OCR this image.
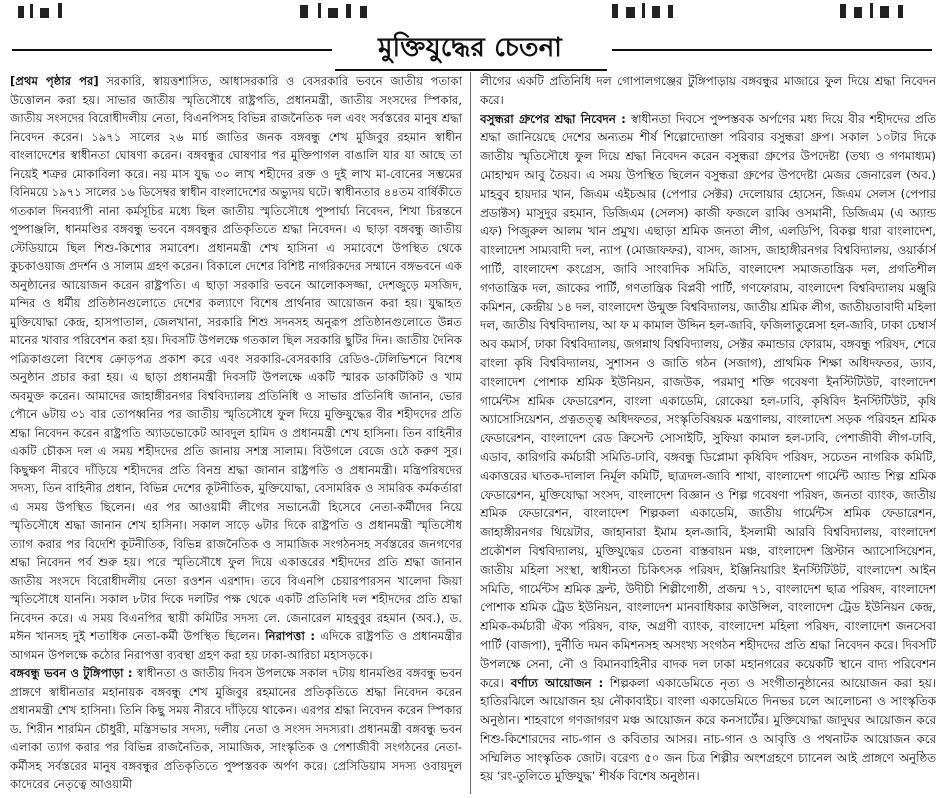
মুক্তিযুদ্ধের চেতনা

[প্রথম পৃষ্ঠার পর] সরকারি, স্বায়ত্তশাসিত, আধাসরকারি ও বেসরকারি ভবনে জাতীয় পতাকা উত্তোলন করা হয়। সাভার জাতীয় স্মৃতিসৌধে রাষ্ট্রপতি, প্রধানমন্ত্রী, জাতীয় সংসদের স্পিকার, জাতীয় সংসদের বিরোধীদলীয় নেতা, বিএনপিসহ বিভিন্ন রাজনৈতিক দল এবং সর্বস্তরের মানুষ শ্রদ্ধা নিবেদন করেন। ১৯৭১ সালের ২৬ মার্চ জাতির জনক বঙ্গবন্ধু শেখ মুজিবুর রহমান স্বাধীন বাংলাদেশের স্বাধীনতা ঘোষণা করেন। বঙ্গবন্ধুর ঘোষণার পর মুক্তিপাগল বাঙালি যার যা আছে তা নিয়েই শত্রুর মোকাবিলা করে। নয় মাস যুদ্ধ ৩০ লাখ শহীদের রক্ত ও দুই লাখ মা-বোনের সম্ভমের বিনিময়ে ১৯৭১ সালের ১৬ ডিসেম্বর স্বাধীন বাংলাদেশের অভ্যুদয় ঘটে। স্বাধীনতার ৪৪তম বার্ষিকীতে গতকাল দিনব্যাপী নানা কর্মসূচির মধ্যে ছিল জাতীয় স্মৃতিসৌধে পুষ্পার্ঘ্য নিবেদন, শিখা চিরন্তনে পুষ্পাঞ্জলি, ধানমণ্ডির বঙ্গবন্ধু ভবনে বঙ্গবন্ধুর প্রতিকৃতিতে শ্রদ্ধা নিবেদন। এ ছাড়া বঙ্গবন্ধু জাতীয় স্টেডিয়ামে ছিল শিশু-কিশোর সমাবেশ। প্রধানমন্ত্রী শেখ হাসিনা এ সমাবেশে উপস্থিত থেকে কুচকাওয়াজ প্রদর্শন ও সালাম গ্রহণ করেন। বিকালে দেশের বিশিষ্ট নাগরিকদের সম্মানে বঙ্গভবনে এক অনুষ্ঠানের আয়োজন করেন রাষ্ট্রপতি। এ ছাড়া সরকারি ভবনে আলোকসজ্জা, দেশজুড়ে মসজিদ, মন্দির ও ধর্মীয় প্রতিষ্ঠানগুলোতে দেশের কল্যাণে বিশেষ প্রার্থনার আয়োজন করা হয়। যুদ্ধাহত মুক্তিযোদ্ধা কেন্দ্র, হাসপাতাল, জেলখানা, সরকারি শিশু সদনসহ অনুরূপ প্রতিষ্ঠানগুলোতে উন্নত মানের খাবার পরিবেশন করা হয়। দিবসটি উপলক্ষে গতকাল ছিল সরকারি ছুটির দিন। জাতীয় দৈনিক পত্রিকাগুলো বিশেষ ক্রোড়পত্র প্রকাশ করে এবং সরকারি-বেসরকারি রেডিও-টেলিভিশনে বিশেষ অনুষ্ঠান প্রচার করা হয়। এ ছাড়া প্রধানমন্ত্রী দিবসটি উপলক্ষে একটি স্মারক ডাকটিকিট ও খাম অবমুক্ত করেন। আমাদের জাহাঙ্গীরনগর বিশ্ববিদ্যালয় প্রতিনিধি ও সাভার প্রতিনিধি জানান, ভোর পৌনে ৬টায় ৩১ বার তোপধ্বনির পর জাতীয় স্মৃতিসৌধে ফুল দিয়ে মুক্তিযুদ্ধের বীর শহীদদের প্রতি শ্রদ্ধা নিবেদন করেন রাষ্ট্রপতি অ্যাডভোকেট আবদুল হামিদ ও প্রধানমন্ত্রী শেখ হাসিনা। তিন বাহিনীর একটি চৌকস দল এ সময় শহীদদের প্রতি জানায় সশস্ত্র সালাম। বিউগলে বেজে ওঠে করুণ সুর। কিছুক্ষণ নীরবে দাঁড়িয়ে শহীদদের প্রতি বিনম্র শ্রদ্ধা জানান রাষ্ট্রপতি ও প্রধানমন্ত্রী। মন্ত্রিপরিষদের সদস্য, তিন বাহিনীর প্রধান, বিভিন্ন দেশের কূটনীতিক, মুক্তিযোদ্ধা, বেসামরিক ও সামরিক কর্মকর্তারা এ সময় উপস্থিত ছিলেন। এর পর আওয়ামী লীগের সভানেত্রী হিসেবে নেতা-কর্মীদের নিয়ে স্মৃতিসৌধে শ্রদ্ধা জানান শেখ হাসিনা। সকাল সাড়ে ৬টার দিকে রাষ্ট্রপতি ও প্রধানমন্ত্রী স্মৃতিসৌধ ত্যাগ করার পর বিদেশি কূটনীতিক, বিভিন্ন রাজনৈতিক ও সামাজিক সংগঠনসহ সর্বস্তরের জনগণের শ্রদ্ধা নিবেদন পর্ব শুরু হয়। পরে স্মৃতিসৌধে ফুল দিয়ে একাত্তরের শহীদদের প্রতি শ্রদ্ধা জানান জাতীয় সংসদে বিরোধীদলীয় নেতা রওশন এরশাদ। তবে বিএনপি চেয়ারপারসন খালেদা জিয়া স্মৃতিসৌধে যাননি। সকাল ৮টার দিকে দলটির পক্ষ থেকে একটি প্রতিনিধি দল শহীদদের প্রতি শ্রদ্ধা নিবেদন করে। এ সময় বিএনপির স্থায়ী কমিটির সদস্য লে. জেনারেল মাহবুবুর রহমান (অব.), ড. মঈন খানসহ দুই শতাধিক নেতা-কর্মী উপস্থিত ছিলেন। নিরাপত্তা : এদিকে রাষ্ট্রপতি ও প্রধানমন্ত্রীর আগমন উপলক্ষে কঠোর নিরাপত্তা ব্যবস্থা গ্রহণ করা হয় ঢাকা-আরিচা মহাসড়কে।

বঙ্গবন্ধু ভবন ও টুঙ্গিপাড়া : স্বাধীনতা ও জাতীয় দিবস উপলক্ষে সকাল ৭টায় ধানমণ্ডির বঙ্গবন্ধু ভবন প্রাঙ্গণে স্বাধীনতার মহানায়ক বঙ্গবন্ধু শেখ মুজিবুর রহমানের প্রতিকৃতিতে শ্রদ্ধা নিবেদন করেন প্রধানমন্ত্রী শেখ হাসিনা। তিনি কিছু সময় নীরবে দাঁড়িয়ে থাকেন। এরপর শ্রদ্ধা নিবেদন করেন স্পিকার ড. শিরীন শারমিন চৌধুরী, মন্ত্রিসভার সদস্য, দলীয় নেতা ও সংসদ সদস্যরা। প্রধানমন্ত্রী বঙ্গবন্ধু ভবন এলাকা ত্যাগ করার পর বিভিন্ন রাজনৈতিক, সামাজিক, সাংস্কৃতিক ও পেশাজীবী সংগঠনের নেতা-কর্মীসহ সর্বস্তরের মানুষ বঙ্গবন্ধুর প্রতিকৃতিতে পুষ্পস্তবক অর্পণ করে। প্রেসিডিয়াম সদস্য ওবায়দুল কাদেরের নেতৃত্বে আওয়ামী

লীগের একটি প্রতিনিধি দল গোপালগঞ্জের টুঙ্গিপাড়ায় বঙ্গবন্ধুর মাজারে ফুল দিয়ে শ্রদ্ধা নিবেদন করে।

বসুন্ধরা গ্রুপের শ্রদ্ধা নিবেদন : স্বাধীনতা দিবসে পুষ্পস্তবক অর্পণের মধ্য দিয়ে বীর শহীদদের প্রতি শ্রদ্ধা জানিয়েছে দেশের অন্যতম শীর্ষ শিল্পোদ্যোক্তা পরিবার বসুন্ধরা গ্রুপ। সকাল ১০টার দিকে জাতীয় স্মৃতিসৌধে ফুল দিয়ে শ্রদ্ধা নিবেদন করেন বসুন্ধরা গ্রুপের উপদেষ্টা (তথ্য ও গণমাধ্যম) মোহাম্মদ আবু তৈয়ব। এ সময় উপস্থিত ছিলেন বসুন্ধরা গ্রুপের উপদেষ্টা মেজর জেনারেল (অব.) মাহবুব হায়দার খান, জিএম এইচআর (পেপার সেক্টর) দেলোয়ার হোসেন, জিএম সেলস (পেপার প্রডাক্টস) মাসুদুর রহমান, ডিজিএম (সেলস) কাজী ফজলে রাব্বি ওসমানী, ডিজিএম (এ অ্যান্ড এফ) পিজুরুল আলম খান প্রমুখ। এছাড়া শ্রমিক জনতা লীগ, এলডিপি, বিকল্প ধারা বাংলাদেশ, বাংলাদেশ সাম্যবাদী দল, ন্যাপ (মোজাফফর), বাসদ, জাসদ, জাহাঙ্গীরনগর বিশ্ববিদ্যালয়, ওয়ার্কার্স পার্টি, বাংলাদেশ কংগ্রেস, জাবি সাংবাদিক সমিতি, বাংলাদেশ সমাজতান্ত্রিক দল, প্রগতিশীল গণতান্ত্রিক দল, জাকের পার্টি, গণতান্ত্রিক বিপ্লবী পার্টি, গণফোরাম, বাংলাদেশ বিশ্ববিদ্যালয় মঞ্জুরি কমিশন, কেন্দ্রীয় ১৪ দল, বাংলাদেশ উন্মুক্ত বিশ্ববিদ্যালয়, জাতীয় শ্রমিক লীগ, জাতীয়তাবাদী মহিলা দল, জাতীয় বিশ্ববিদ্যালয়, আ ফ ম কামাল উদ্দিন হল-জাবি, ফজিলাতুন্নেসা হল-জাবি, ঢাকা চেম্বার্স অব কমার্স, ঢাকা বিশ্ববিদ্যালয়, জগন্নাথ বিশ্ববিদ্যালয়, সেক্টর কমান্ডার ফোরাম, বঙ্গবন্ধু পরিষদ, শেরে বাংলা কৃষি বিশ্ববিদ্যালয়, সুশাসন ও জাতি গঠন (সজাগ), প্রাথমিক শিক্ষা অধিদফতর, ড্যাব, বাংলাদেশ পোশাক শ্রমিক ইউনিয়ন, রাজউক, পরমাণু শক্তি গবেষণা ইনস্টিটিউট, বাংলাদেশ গার্মেন্টস শ্রমিক ফেডারেশন, বাংলা একাডেমি, রোকেয়া হল-ঢাবি, কৃষিবিদ ইনস্টিটিউট, কৃষি অ্যাসোসিয়েশন, প্রত্নতত্ত্ব অধিদফতর, সংস্কৃতিবিষয়ক মন্ত্রণালয়, বাংলাদেশ সড়ক পরিবহন শ্রমিক ফেডারেশন, বাংলাদেশ রেড ক্রিসেন্ট সোসাইটি, সুফিয়া কামাল হল-ঢাবি, পেশাজীবী লীগ-ঢাবি, এডাব, কারিগরি কর্মচারী সমিতি-ঢাবি, বঙ্গবন্ধু ডিপ্লোমা কৃষিবিদ পরিষদ, সচেতন নাগরিক কমিটি, একাত্তরের ঘাতক-দালাল নির্মূল কমিটি, ছাত্রদল-জাবি শাখা, বাংলাদেশ গার্মেন্ট অ্যান্ড শিল্প শ্রমিক ফেডারেশন, মুক্তিযোদ্ধা সংসদ, বাংলাদেশ বিজ্ঞান ও শিল্প গবেষণা পরিষদ, জনতা ব্যাংক, জাতীয় শ্রমিক ফেডারেশন, বাংলাদেশ শিল্পকলা একাডেমি, জাতীয় গার্মেন্টস শ্রমিক ফেডারেশন, জাহাঙ্গীরনগর থিয়েটার, জাহানারা ইমাম হল-জাবি, ইসলামী আরবি বিশ্ববিদ্যালয়, বাংলাদেশ প্রকৌশল বিশ্ববিদ্যালয়, মুক্তিযুদ্ধের চেতনা বাস্তবায়ন মঞ্চ, বাংলাদেশ খ্রিস্টান অ্যাসোসিয়েশন, জাতীয় মহিলা সংস্থা, স্বাধীনতা চিকিৎসক পরিষদ, ইঞ্জিনিয়ারিং ইনস্টিটিউট, বাংলাদেশ আইন সমিতি, গার্মেন্টস শ্রমিক ফ্রন্ট, উদীচী শিল্পীগোষ্ঠী, প্রজন্ম ৭১, বাংলাদেশ ছাত্র পরিষদ, বাংলাদেশ পোশাক শ্রমিক ট্রেড ইউনিয়ন, বাংলাদেশ মানবাধিকার কাউন্সিল, বাংলাদেশ ট্রেড ইউনিয়ন কেন্দ্র, শ্রমিক-কর্মচারী ঐক্য পরিষদ, বাফ, অগ্রণী ব্যাংক, বাংলাদেশ মহিলা পরিষদ, বাংলাদেশ জনসেবা পার্টি (বাজপা), দুর্নীতি দমন কমিশনসহ অসংখ্য সংগঠন শহীদদের প্রতি শ্রদ্ধা নিবেদন করে। দিবসটি উপলক্ষে সেনা, নৌ ও বিমানবাহিনীর বাদক দল ঢাকা মহানগরের কয়েকটি স্থানে বাদ্য পরিবেশন করে। বর্ণাঢ্য আয়োজন : শিল্পকলা একাডেমিতে নৃত্য ও সংগীতানুষ্ঠানের আয়োজন করা হয়। হাতিরঝিলে আয়োজন হয় নৌকাবাইচ। বাংলা একাডেমিতে দিনভর চলে আলোচনা ও সাংস্কৃতিক অনুষ্ঠান। শাহবাগে গণজাগরণ মঞ্চ আয়োজন করে কনসার্টের। মুক্তিযোদ্ধা জাদুঘর আয়োজন করে শিশু-কিশোরদের নাচ-গান ও কবিতার আসর। নাচ-গান ও আবৃত্তি ও পথনাটক আয়োজন করে সম্মিলিত সাংস্কৃতিক জোট। বরেণ্য ৫০ জন চিত্র শিল্পীর অংশগ্রহণে চ্যানেল আই প্রাঙ্গণে অনুষ্ঠিত হয় ‘রং-তুলিতে মুক্তিযুদ্ধ’ শীর্ষক বিশেষ অনুষ্ঠান।
